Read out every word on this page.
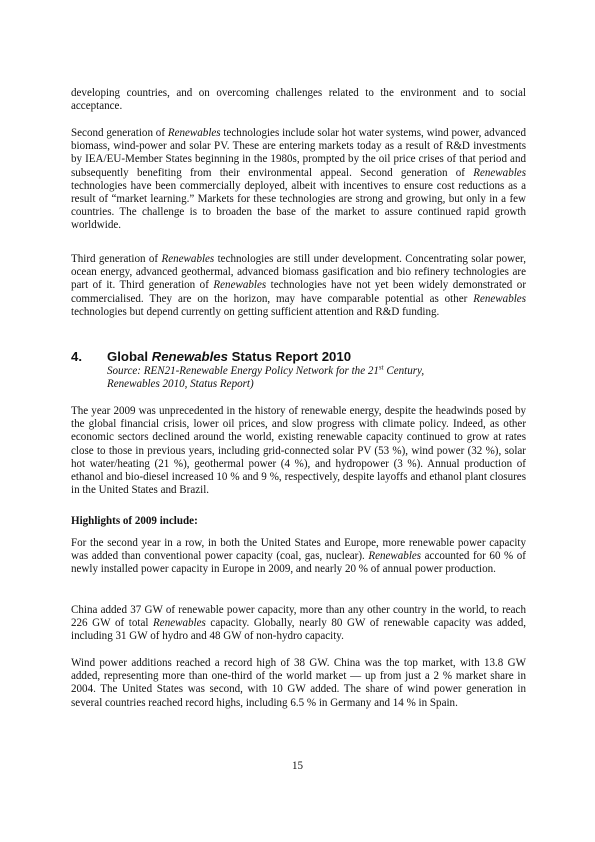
developing countries, and on overcoming challenges related to the environment and to social acceptance.

Second generation of Renewables technologies include solar hot water systems, wind power, advanced biomass, wind-power and solar PV. These are entering markets today as a result of R&D investments by IEA/EU-Member States beginning in the 1980s, prompted by the oil price crises of that period and subsequently benefiting from their environmental appeal. Second generation of Renewables technologies have been commercially deployed, albeit with incentives to ensure cost reductions as a result of “market learning.” Markets for these technologies are strong and growing, but only in a few countries. The challenge is to broaden the base of the market to assure continued rapid growth worldwide.

Third generation of Renewables technologies are still under development. Concentrating solar power, ocean energy, advanced geothermal, advanced biomass gasification and bio refinery technologies are part of it. Third generation of Renewables technologies have not yet been widely demonstrated or commercialised. They are on the horizon, may have comparable potential as other Renewables technologies but depend currently on getting sufficient attention and R&D funding.

4. Global Renewables Status Report 2010

Source: REN21-Renewable Energy Policy Network for the 21st Century,
Renewables 2010, Status Report)

The year 2009 was unprecedented in the history of renewable energy, despite the headwinds posed by the global financial crisis, lower oil prices, and slow progress with climate policy. Indeed, as other economic sectors declined around the world, existing renewable capacity continued to grow at rates close to those in previous years, including grid-connected solar PV (53 %), wind power (32 %), solar hot water/heating (21 %), geothermal power (4 %), and hydropower (3 %). Annual production of ethanol and bio-diesel increased 10 % and 9 %, respectively, despite layoffs and ethanol plant closures in the United States and Brazil.

Highlights of 2009 include:

For the second year in a row, in both the United States and Europe, more renewable power capacity was added than conventional power capacity (coal, gas, nuclear). Renewables accounted for 60 % of newly installed power capacity in Europe in 2009, and nearly 20 % of annual power production.

China added 37 GW of renewable power capacity, more than any other country in the world, to reach 226 GW of total Renewables capacity. Globally, nearly 80 GW of renewable capacity was added, including 31 GW of hydro and 48 GW of non-hydro capacity.

Wind power additions reached a record high of 38 GW. China was the top market, with 13.8 GW added, representing more than one-third of the world market — up from just a 2 % market share in 2004. The United States was second, with 10 GW added. The share of wind power generation in several countries reached record highs, including 6.5 % in Germany and 14 % in Spain.

15
